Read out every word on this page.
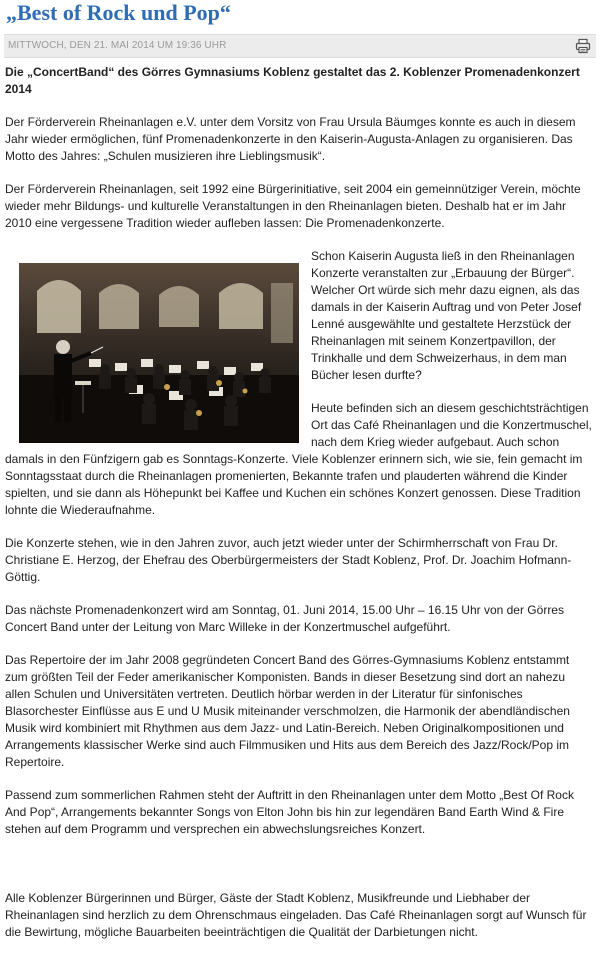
„Best of Rock und Pop“
MITTWOCH, DEN 21. MAI 2014 UM 19:36 UHR

Die „ConcertBand“ des Görres Gymnasiums Koblenz gestaltet das 2. Koblenzer Promenadenkonzert 2014

Der Förderverein Rheinanlagen e.V. unter dem Vorsitz von Frau Ursula Bäumges konnte es auch in diesem Jahr wieder ermöglichen, fünf Promenadenkonzerte in den Kaiserin-Augusta-Anlagen zu organisieren. Das Motto des Jahres: „Schulen musizieren ihre Lieblingsmusik“.

Der Förderverein Rheinanlagen, seit 1992 eine Bürgerinitiative, seit 2004 ein gemeinnütziger Verein, möchte wieder mehr Bildungs- und kulturelle Veranstaltungen in den Rheinanlagen bieten. Deshalb hat er im Jahr 2010 eine vergessene Tradition wieder aufleben lassen: Die Promenadenkonzerte.

Schon Kaiserin Augusta ließ in den Rheinanlagen Konzerte veranstalten zur „Erbauung der Bürger“. Welcher Ort würde sich mehr dazu eignen, als das damals in der Kaiserin Auftrag und von Peter Josef Lenné ausgewählte und gestaltete Herzstück der Rheinanlagen mit seinem Konzertpavillon, der Trinkhalle und dem Schweizerhaus, in dem man Bücher lesen durfte?

Heute befinden sich an diesem geschichtsträchtigen Ort das Café Rheinanlagen und die Konzertmuschel, nach dem Krieg wieder aufgebaut. Auch schon damals in den Fünfzigern gab es Sonntags-Konzerte. Viele Koblenzer erinnern sich, wie sie, fein gemacht im Sonntagsstaat durch die Rheinanlagen promenierten, Bekannte trafen und plauderten während die Kinder spielten, und sie dann als Höhepunkt bei Kaffee und Kuchen ein schönes Konzert genossen. Diese Tradition lohnte die Wiederaufnahme.

Die Konzerte stehen, wie in den Jahren zuvor, auch jetzt wieder unter der Schirmherrschaft von Frau Dr. Christiane E. Herzog, der Ehefrau des Oberbürgermeisters der Stadt Koblenz, Prof. Dr. Joachim Hofmann-Göttig.

Das nächste Promenadenkonzert wird am Sonntag, 01. Juni 2014, 15.00 Uhr – 16.15 Uhr von der Görres Concert Band unter der Leitung von Marc Willeke in der Konzertmuschel aufgeführt.

Das Repertoire der im Jahr 2008 gegründeten Concert Band des Görres-Gymnasiums Koblenz entstammt zum größten Teil der Feder amerikanischer Komponisten. Bands in dieser Besetzung sind dort an nahezu allen Schulen und Universitäten vertreten. Deutlich hörbar werden in der Literatur für sinfonisches Blasorchester Einflüsse aus E und U Musik miteinander verschmolzen, die Harmonik der abendländischen Musik wird kombiniert mit Rhythmen aus dem Jazz- und Latin-Bereich. Neben Originalkompositionen und Arrangements klassischer Werke sind auch Filmmusiken und Hits aus dem Bereich des Jazz/Rock/Pop im Repertoire.

Passend zum sommerlichen Rahmen steht der Auftritt in den Rheinanlagen unter dem Motto „Best Of Rock And Pop“, Arrangements bekannter Songs von Elton John bis hin zur legendären Band Earth Wind & Fire stehen auf dem Programm und versprechen ein abwechslungsreiches Konzert.

Alle Koblenzer Bürgerinnen und Bürger, Gäste der Stadt Koblenz, Musikfreunde und Liebhaber der Rheinanlagen sind herzlich zu dem Ohrenschmaus eingeladen. Das Café Rheinanlagen sorgt auf Wunsch für die Bewirtung, mögliche Bauarbeiten beeinträchtigen die Qualität der Darbietungen nicht.
